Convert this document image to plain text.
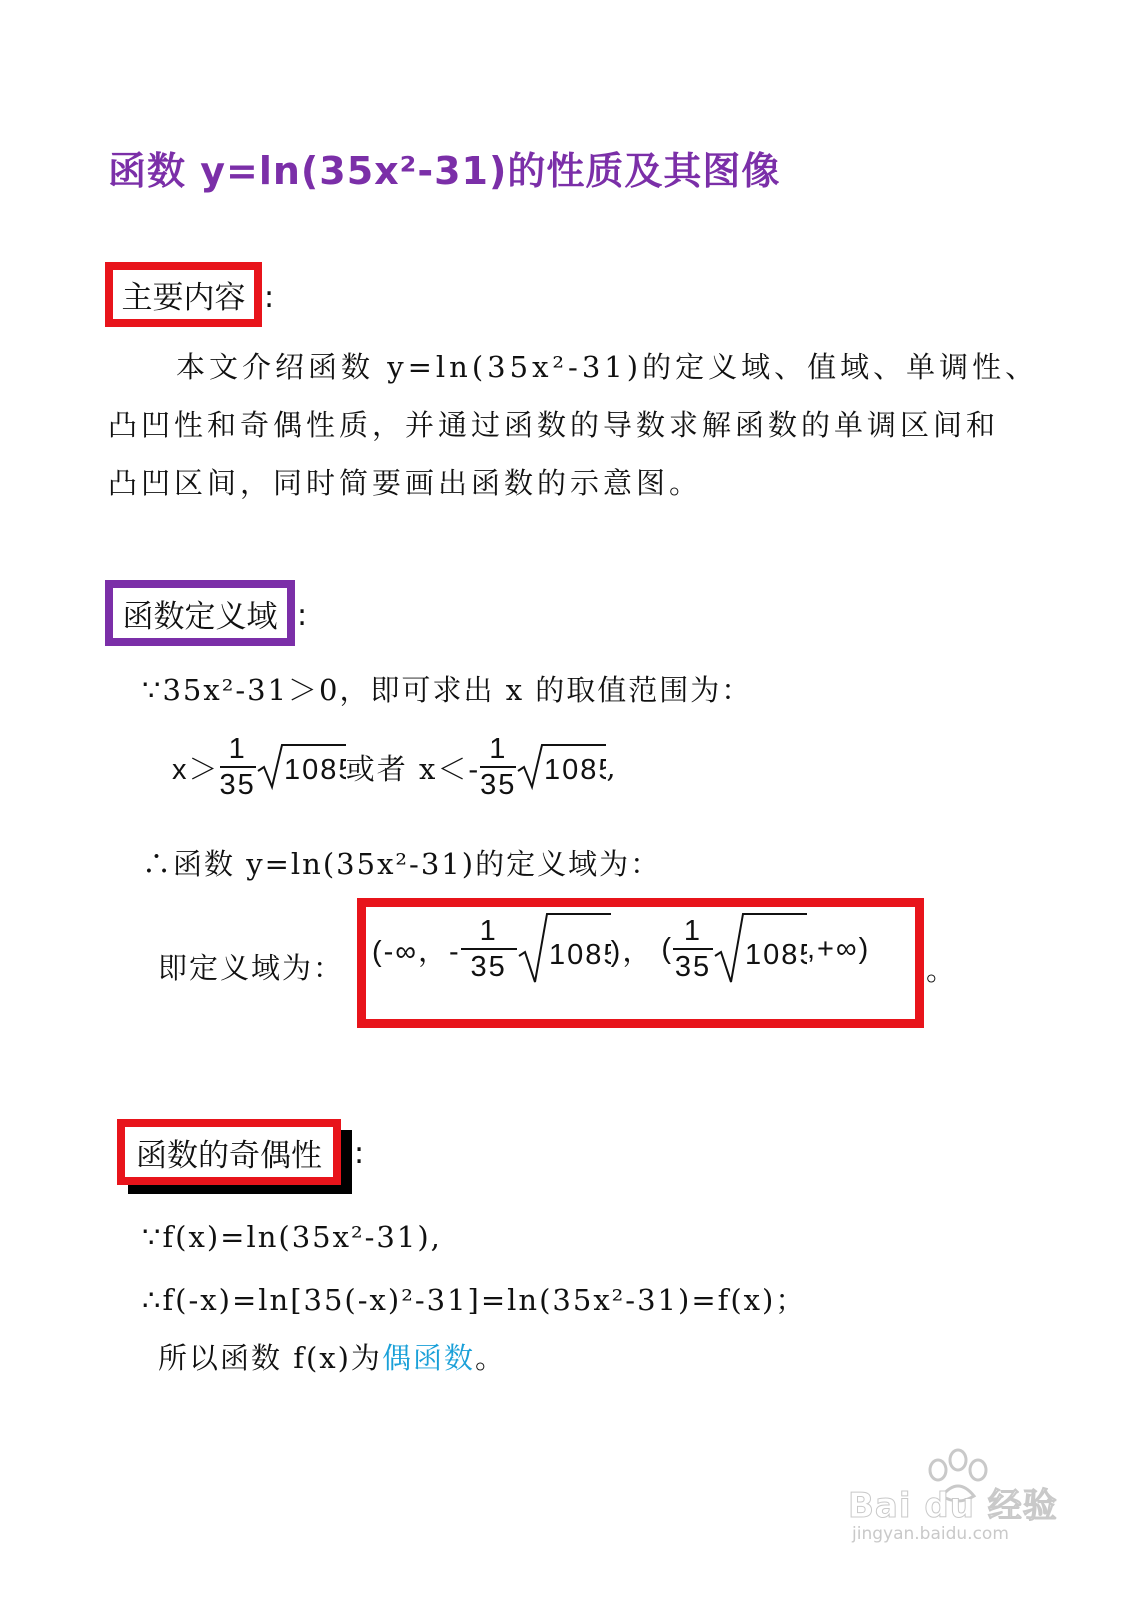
函数 y=ln(35x²-31)的性质及其图像
主要内容 :
本文介绍函数 y=ln(35x²-31)的定义域、值域、单调性、
凸凹性和奇偶性质，并通过函数的导数求解函数的单调区间和
凸凹区间，同时简要画出函数的示意图。
函数定义域 :
∵35x²-31＞0，即可求出 x 的取值范围为：
$x> \frac{1}{35} 108$ 或者 $x<- \frac{1}{35} 108$ ,
∴函数 y=ln(35x²-31)的定义域为：
即定义域为： (-∞，- $\frac{1}{35} 108$ )， ( $\frac{1}{35} 108$ ,+∞)
。
函数的奇偶性 :
∵f(x)=ln(35x²-31),
∴f(-x)=ln[35(-x)²-31]=ln(35x²-31)=f(x)；
所以函数 f(x)为偶函数。
Bai du 经验
jingyan.baidu.com
